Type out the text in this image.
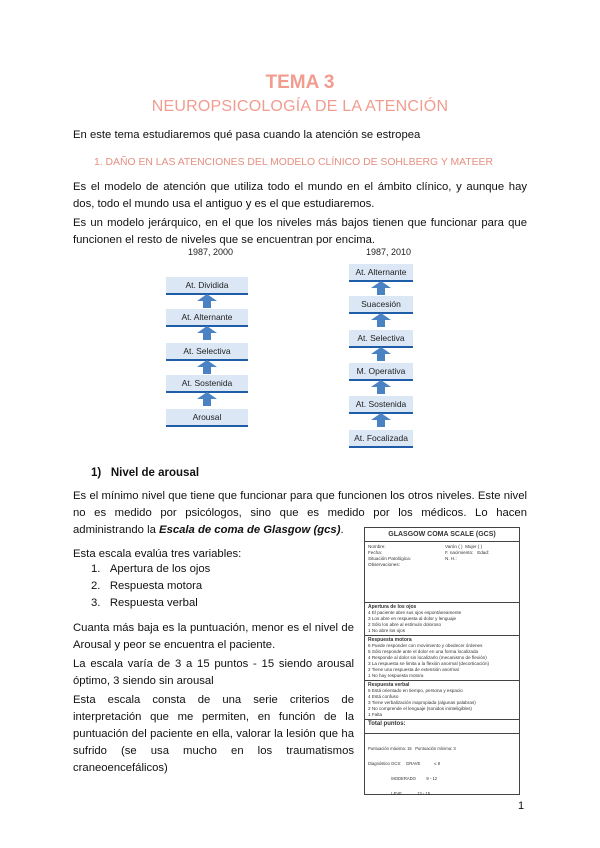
TEMA 3
NEUROPSICOLOGÍA DE LA ATENCIÓN
En este tema estudiaremos qué pasa cuando la atención se estropea
1. DAÑO EN LAS ATENCIONES DEL MODELO CLÍNICO DE SOHLBERG Y MATEER
Es el modelo de atención que utiliza todo el mundo en el ámbito clínico, y aunque hay dos, todo el mundo usa el antiguo y es el que estudiaremos.
Es un modelo jerárquico, en el que los niveles más bajos tienen que funcionar para que funcionen el resto de niveles que se encuentran por encima.
1987, 2000
At. Dividida
At. Alternante
At. Selectiva
At. Sostenida
Arousal
1987, 2010
At. Alternante
Suacesión
At. Selectiva
M. Operativa
At. Sostenida
At. Focalizada
1) Nivel de arousal
Es el mínimo nivel que tiene que funcionar para que funcionen los otros niveles. Este nivel no es medido por psicólogos, sino que es medido por los médicos. Lo hacen administrando la Escala de coma de Glasgow (gcs).
Esta escala evalúa tres variables:
1.   Apertura de los ojos
2.   Respuesta motora
3.   Respuesta verbal
Cuanta más baja es la puntuación, menor es el nivel de Arousal y peor se encuentra el paciente.
La escala varía de 3 a 15 puntos - 15 siendo arousal óptimo, 3 siendo sin arousal
Esta escala consta de una serie criterios de interpretación que me permiten, en función de la puntuación del paciente en ella, valorar la lesión que ha sufrido (se usa mucho en los traumatismos craneoencefálicos)
GLASGOW COMA SCALE (GCS)
Nombre:
Fecha:
Situación Patológica:
Observaciones:
Varón ( ) Mujer ( )
F. nacimiento: Edad:
N. H.:
Apertura de los ojos
4 El paciente abre sus ojos espontáneamente
3 Los abre en respuesta al dolor y lenguaje
2 Sólo los abre al estímulo doloroso
1 No abre los ojos
Respuesta motora
6 Puede responder con movimiento y obedecer órdenes
5 Sólo responde ante el dolor en una forma localizada
4 Responde al dolor sin localizarlo (mecanismo de flexión)
3 La respuesta se limita a la flexión anormal (decorticación)
2 Tiene una respuesta de extensión anormal
1 No hay respuesta motora
Respuesta verbal
5 Está orientado en tiempo, persona y espacio
4 Está confuso
3 Tiene verbalización inapropiada (algunas palabras)
2 No comprende el lenguaje (sonidos ininteligibles)
1 Falta
Total puntos:

Puntuación máxima: 15   Puntuación mínima: 3

Diagnóstico GCS:    GRAVE            ≤ 8

MODERADO         9 - 12

LEVE             13 - 15

1
